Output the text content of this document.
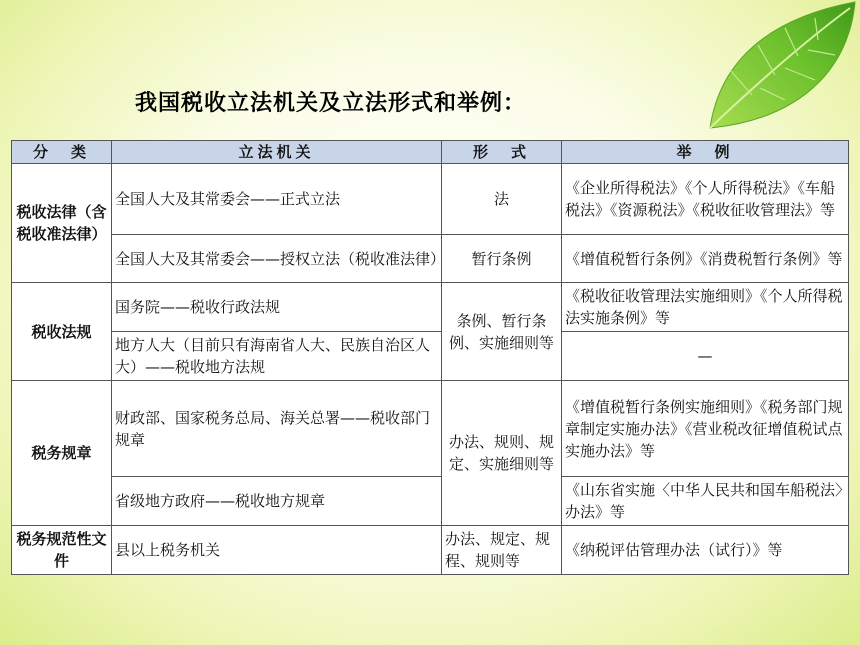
我国税收立法机关及立法形式和举例：
分　类	立法机关	形　式	举　例
税收法律（含税收准法律）	全国人大及其常委会——正式立法	法	《企业所得税法》《个人所得税法》《车船税法》《资源税法》《税收征收管理法》等
	全国人大及其常委会——授权立法（税收准法律）	暂行条例	《增值税暂行条例》《消费税暂行条例》等
税收法规	国务院——税收行政法规	条例、暂行条例、实施细则等	《税收征收管理法实施细则》《个人所得税法实施条例》等
	地方人大（目前只有海南省人大、民族自治区人大）——税收地方法规		—
税务规章	财政部、国家税务总局、海关总署——税收部门规章	办法、规则、规定、实施细则等	《增值税暂行条例实施细则》《税务部门规章制定实施办法》《营业税改征增值税试点实施办法》等
	省级地方政府——税收地方规章		《山东省实施〈中华人民共和国车船税法〉办法》等
税务规范性文件	县以上税务机关	办法、规定、规程、规则等	《纳税评估管理办法（试行）》等
